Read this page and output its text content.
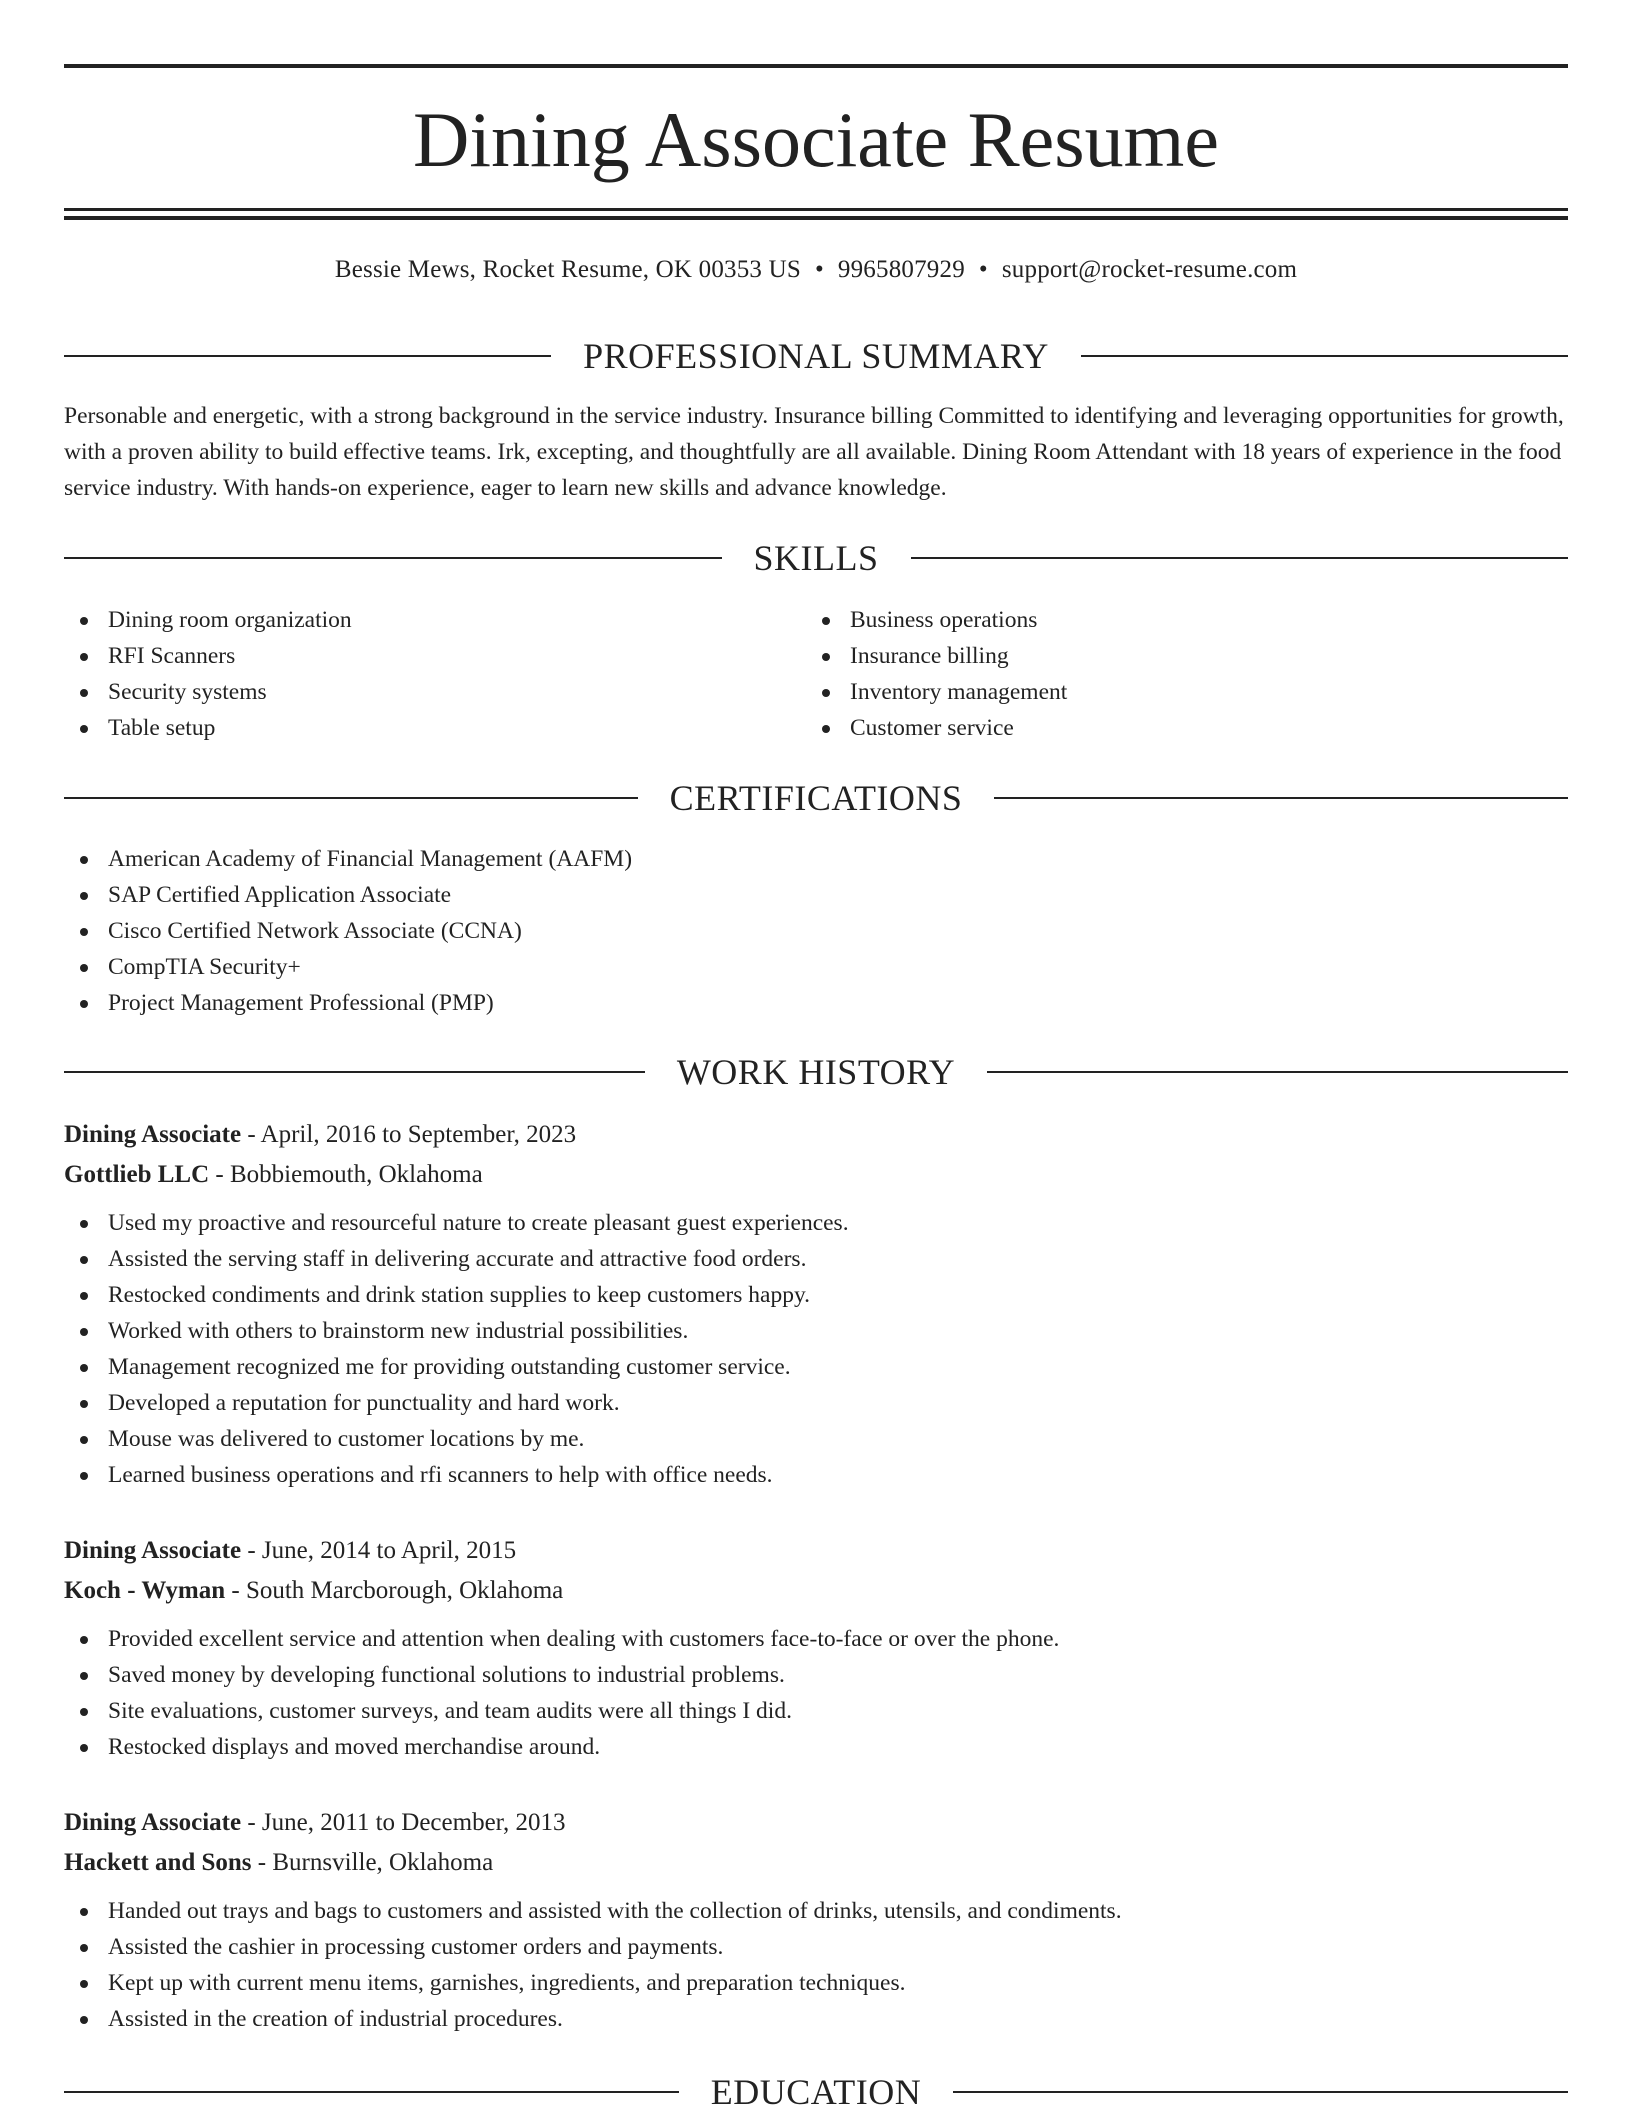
Dining Associate Resume
Bessie Mews, Rocket Resume, OK 00353 US • 9965807929 • support@rocket-resume.com
PROFESSIONAL SUMMARY

Personable and energetic, with a strong background in the service industry. Insurance billing Committed to identifying and leveraging opportunities for growth, with a proven ability to build effective teams. Irk, excepting, and thoughtfully are all available. Dining Room Attendant with 18 years of experience in the food service industry. With hands-on experience, eager to learn new skills and advance knowledge.

SKILLS
Dining room organization
RFI Scanners
Security systems
Table setup
Business operations
Insurance billing
Inventory management
Customer service
CERTIFICATIONS
American Academy of Financial Management (AAFM)
SAP Certified Application Associate
Cisco Certified Network Associate (CCNA)
CompTIA Security+
Project Management Professional (PMP)
WORK HISTORY
Dining Associate - April, 2016 to September, 2023
Gottlieb LLC - Bobbiemouth, Oklahoma
Used my proactive and resourceful nature to create pleasant guest experiences.
Assisted the serving staff in delivering accurate and attractive food orders.
Restocked condiments and drink station supplies to keep customers happy.
Worked with others to brainstorm new industrial possibilities.
Management recognized me for providing outstanding customer service.
Developed a reputation for punctuality and hard work.
Mouse was delivered to customer locations by me.
Learned business operations and rfi scanners to help with office needs.
Dining Associate - June, 2014 to April, 2015
Koch - Wyman - South Marcborough, Oklahoma
Provided excellent service and attention when dealing with customers face-to-face or over the phone.
Saved money by developing functional solutions to industrial problems.
Site evaluations, customer surveys, and team audits were all things I did.
Restocked displays and moved merchandise around.
Dining Associate - June, 2011 to December, 2013
Hackett and Sons - Burnsville, Oklahoma
Handed out trays and bags to customers and assisted with the collection of drinks, utensils, and condiments.
Assisted the cashier in processing customer orders and payments.
Kept up with current menu items, garnishes, ingredients, and preparation techniques.
Assisted in the creation of industrial procedures.
EDUCATION
